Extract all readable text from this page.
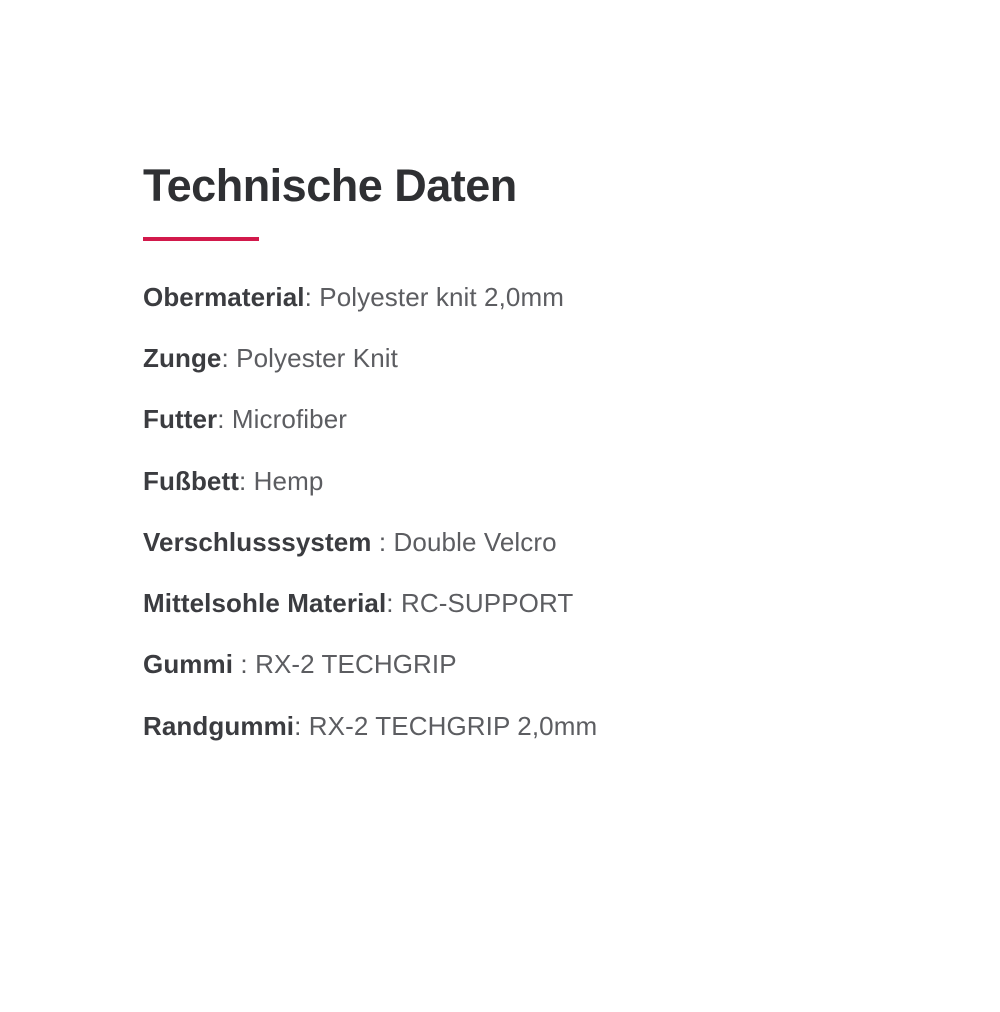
Technische Daten
Obermaterial: Polyester knit 2,0mm
Zunge: Polyester Knit
Futter: Microfiber
Fußbett: Hemp
Verschlusssystem : Double Velcro
Mittelsohle Material: RC-SUPPORT
Gummi : RX-2 TECHGRIP
Randgummi: RX-2 TECHGRIP 2,0mm
